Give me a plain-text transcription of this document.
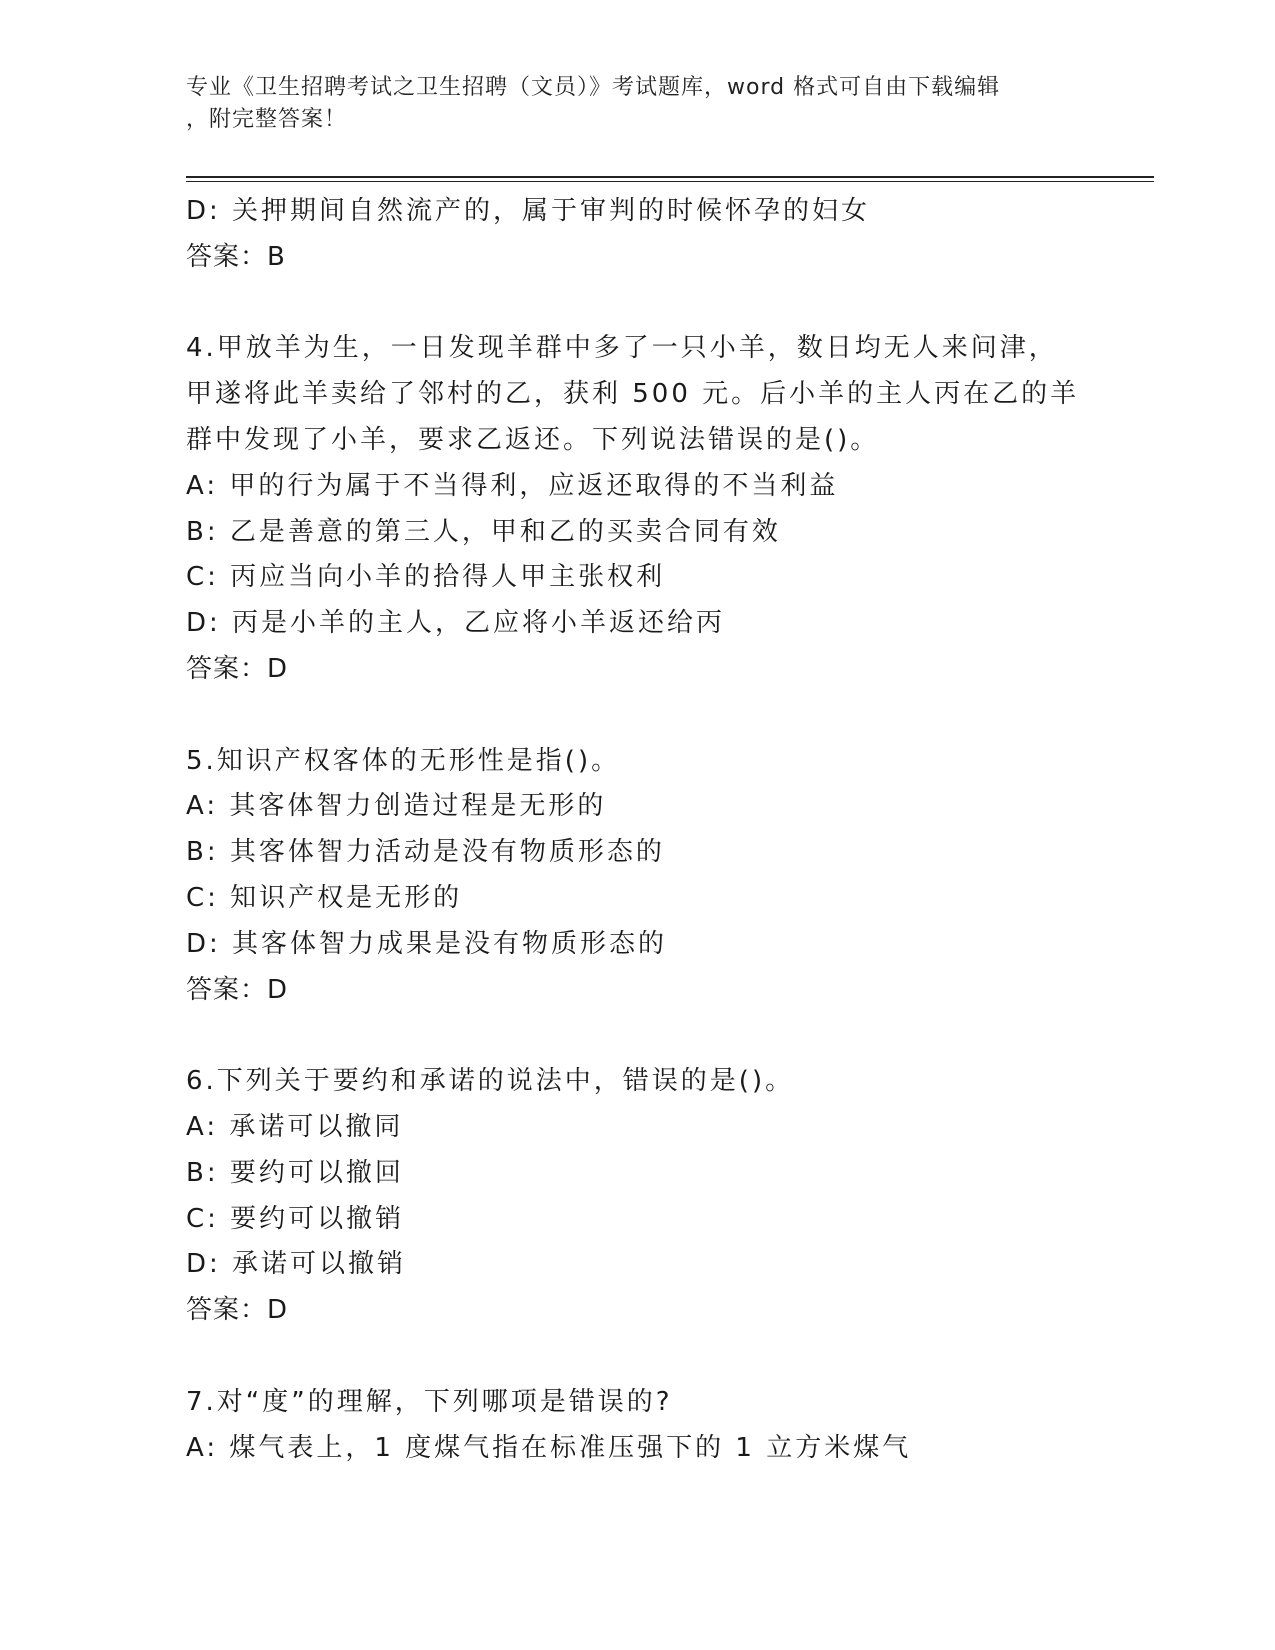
专业《卫生招聘考试之卫生招聘（文员）》考试题库，word 格式可自由下载编辑
，附完整答案！
D: 关押期间自然流产的，属于审判的时候怀孕的妇女
答案：B
4.甲放羊为生，一日发现羊群中多了一只小羊，数日均无人来问津，
甲遂将此羊卖给了邻村的乙，获利 500 元。后小羊的主人丙在乙的羊
群中发现了小羊，要求乙返还。下列说法错误的是()。
A: 甲的行为属于不当得利，应返还取得的不当利益
B: 乙是善意的第三人，甲和乙的买卖合同有效
C: 丙应当向小羊的拾得人甲主张权利
D: 丙是小羊的主人，乙应将小羊返还给丙
答案：D
5.知识产权客体的无形性是指()。
A: 其客体智力创造过程是无形的
B: 其客体智力活动是没有物质形态的
C: 知识产权是无形的
D: 其客体智力成果是没有物质形态的
答案：D
6.下列关于要约和承诺的说法中，错误的是()。
A: 承诺可以撤同
B: 要约可以撤回
C: 要约可以撤销
D: 承诺可以撤销
答案：D
7.对“度”的理解，下列哪项是错误的?
A: 煤气表上，1 度煤气指在标准压强下的 1 立方米煤气
